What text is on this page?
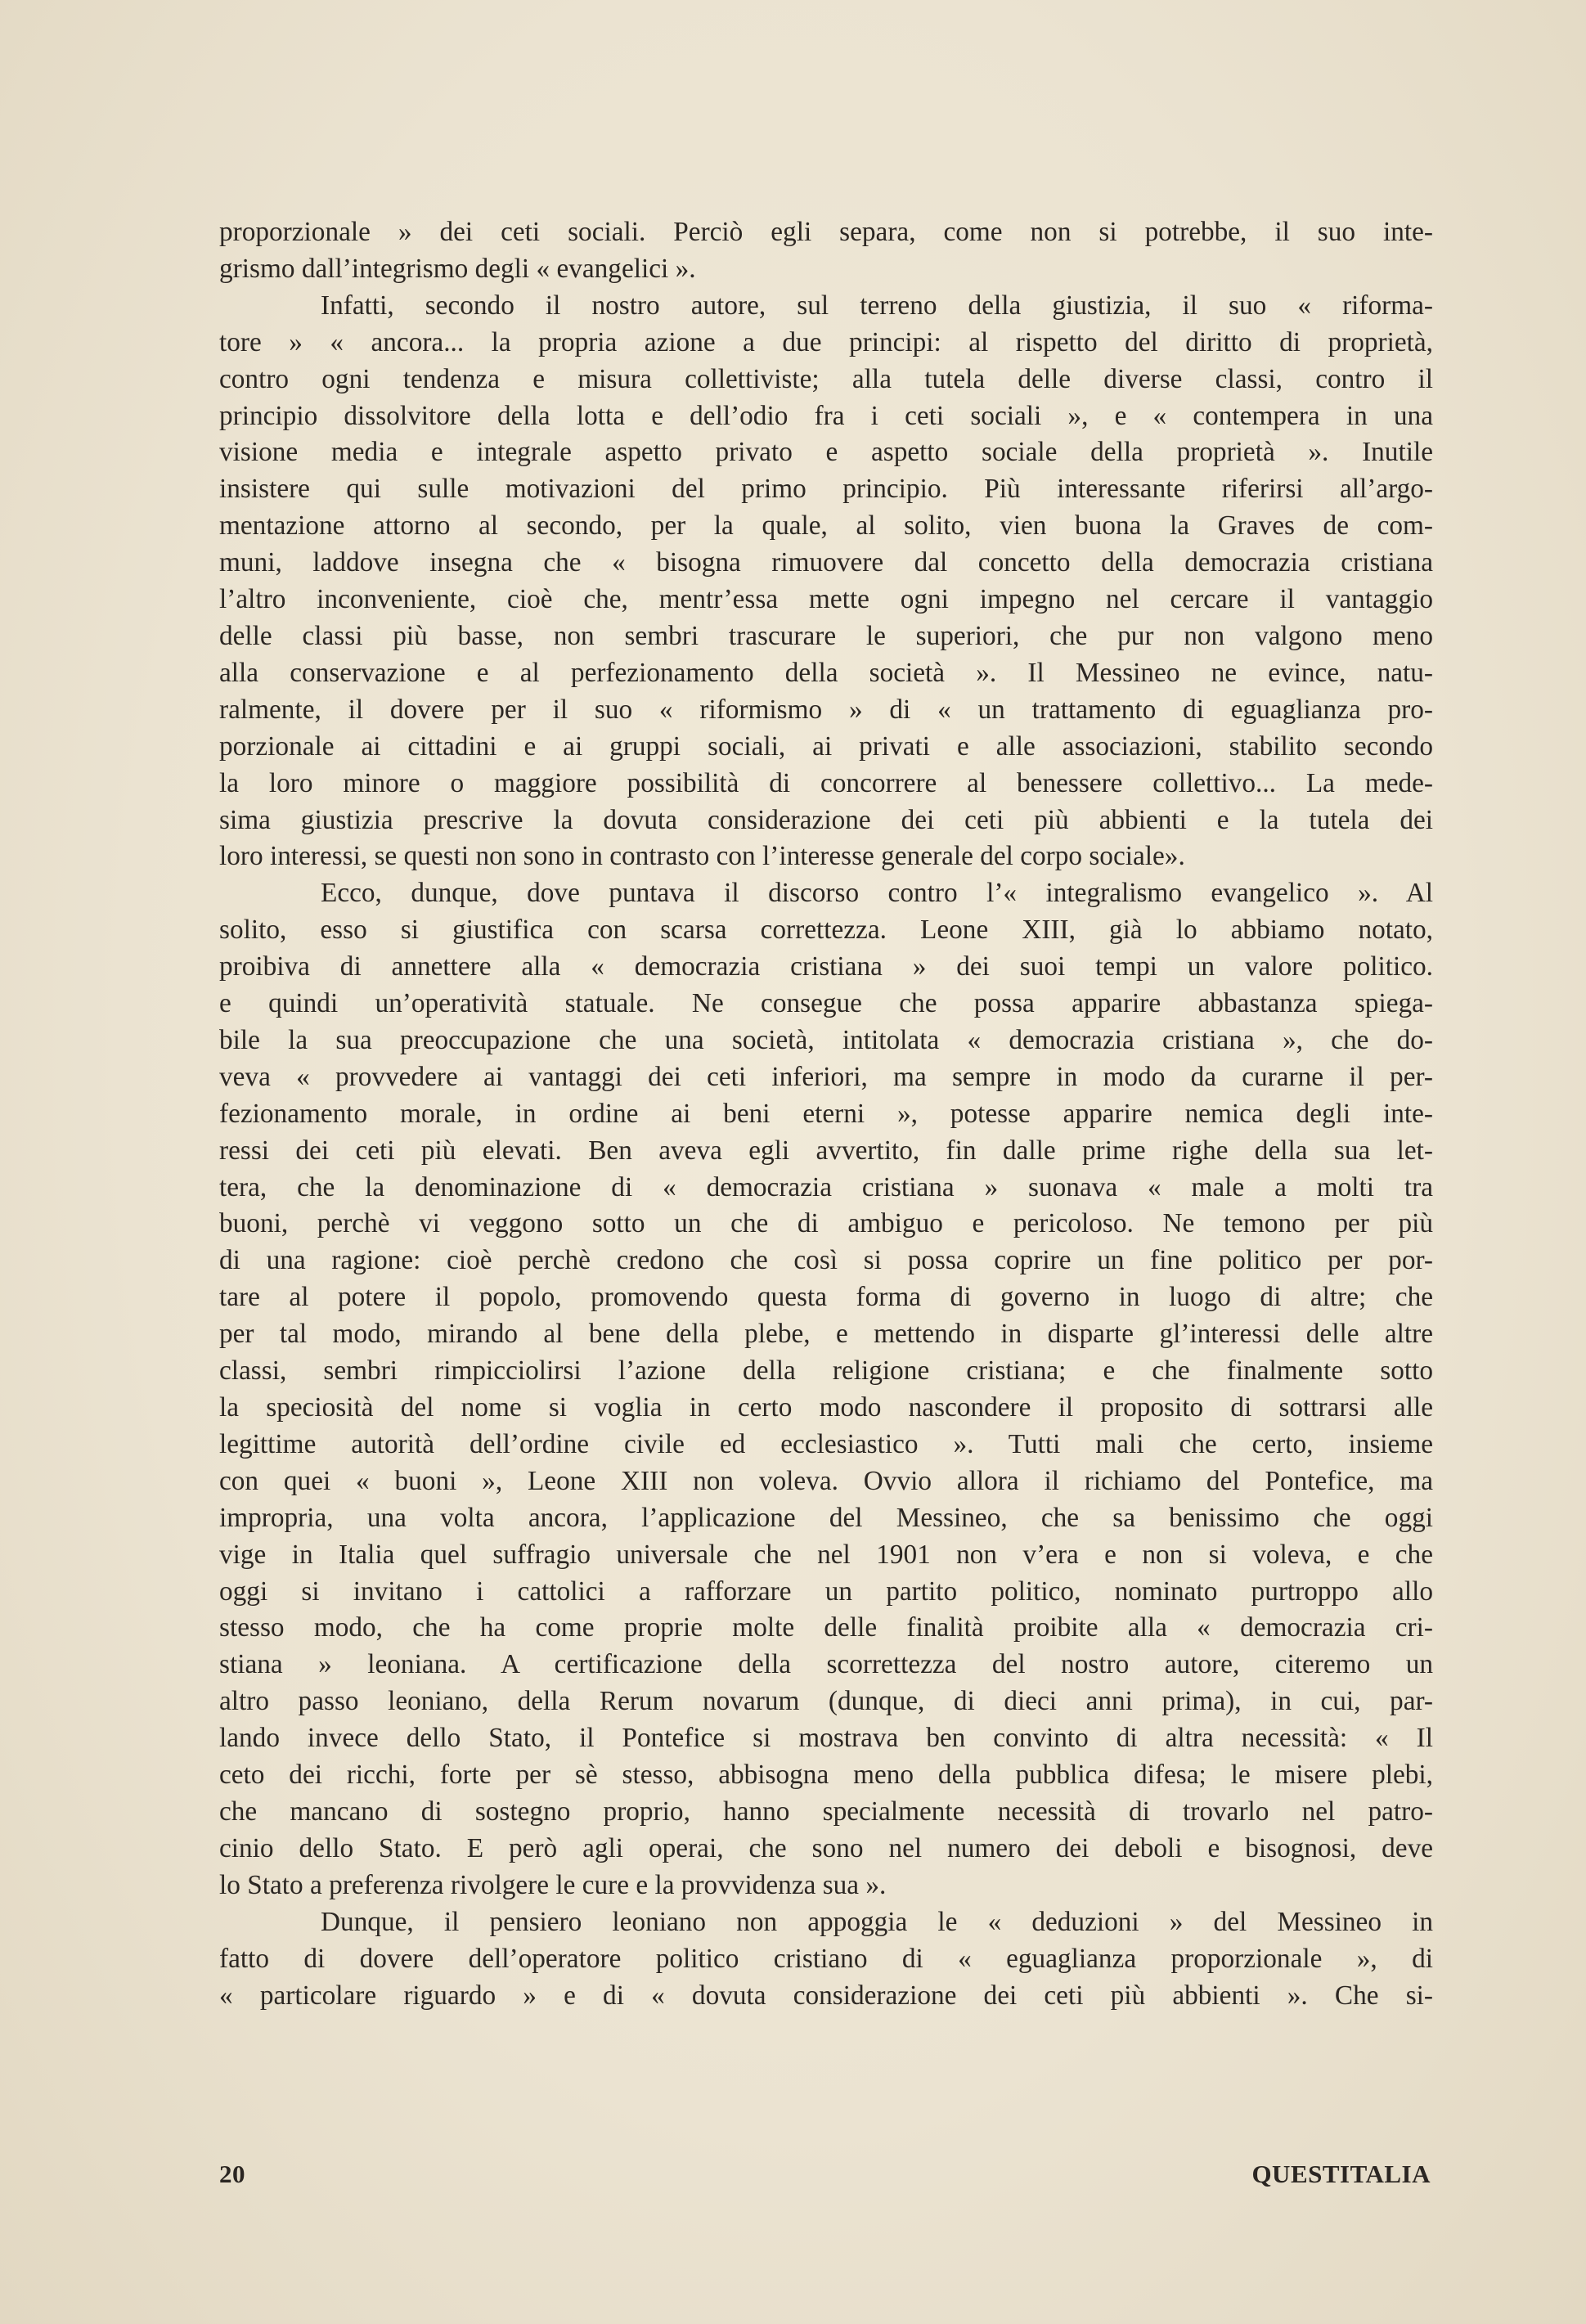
proporzionale » dei ceti sociali. Perciò egli separa, come non si potrebbe, il suo inte-
grismo dall’integrismo degli « evangelici ».
Infatti, secondo il nostro autore, sul terreno della giustizia, il suo « riforma-
tore » « ancora... la propria azione a due principi: al rispetto del diritto di proprietà,
contro ogni tendenza e misura collettiviste; alla tutela delle diverse classi, contro il
principio dissolvitore della lotta e dell’odio fra i ceti sociali », e « contempera in una
visione media e integrale aspetto privato e aspetto sociale della proprietà ». Inutile
insistere qui sulle motivazioni del primo principio. Più interessante riferirsi all’argo-
mentazione attorno al secondo, per la quale, al solito, vien buona la Graves de com-
muni, laddove insegna che « bisogna rimuovere dal concetto della democrazia cristiana
l’altro inconveniente, cioè che, mentr’essa mette ogni impegno nel cercare il vantaggio
delle classi più basse, non sembri trascurare le superiori, che pur non valgono meno
alla conservazione e al perfezionamento della società ». Il Messineo ne evince, natu-
ralmente, il dovere per il suo « riformismo » di « un trattamento di eguaglianza pro-
porzionale ai cittadini e ai gruppi sociali, ai privati e alle associazioni, stabilito secondo
la loro minore o maggiore possibilità di concorrere al benessere collettivo... La mede-
sima giustizia prescrive la dovuta considerazione dei ceti più abbienti e la tutela dei
loro interessi, se questi non sono in contrasto con l’interesse generale del corpo sociale».
Ecco, dunque, dove puntava il discorso contro l’« integralismo evangelico ». Al
solito, esso si giustifica con scarsa correttezza. Leone XIII, già lo abbiamo notato,
proibiva di annettere alla « democrazia cristiana » dei suoi tempi un valore politico.
e quindi un’operatività statuale. Ne consegue che possa apparire abbastanza spiega-
bile la sua preoccupazione che una società, intitolata « democrazia cristiana », che do-
veva « provvedere ai vantaggi dei ceti inferiori, ma sempre in modo da curarne il per-
fezionamento morale, in ordine ai beni eterni », potesse apparire nemica degli inte-
ressi dei ceti più elevati. Ben aveva egli avvertito, fin dalle prime righe della sua let-
tera, che la denominazione di « democrazia cristiana » suonava « male a molti tra
buoni, perchè vi veggono sotto un che di ambiguo e pericoloso. Ne temono per più
di una ragione: cioè perchè credono che così si possa coprire un fine politico per por-
tare al potere il popolo, promovendo questa forma di governo in luogo di altre; che
per tal modo, mirando al bene della plebe, e mettendo in disparte gl’interessi delle altre
classi, sembri rimpicciolirsi l’azione della religione cristiana; e che finalmente sotto
la speciosità del nome si voglia in certo modo nascondere il proposito di sottrarsi alle
legittime autorità dell’ordine civile ed ecclesiastico ». Tutti mali che certo, insieme
con quei « buoni », Leone XIII non voleva. Ovvio allora il richiamo del Pontefice, ma
impropria, una volta ancora, l’applicazione del Messineo, che sa benissimo che oggi
vige in Italia quel suffragio universale che nel 1901 non v’era e non si voleva, e che
oggi si invitano i cattolici a rafforzare un partito politico, nominato purtroppo allo
stesso modo, che ha come proprie molte delle finalità proibite alla « democrazia cri-
stiana » leoniana. A certificazione della scorrettezza del nostro autore, citeremo un
altro passo leoniano, della Rerum novarum (dunque, di dieci anni prima), in cui, par-
lando invece dello Stato, il Pontefice si mostrava ben convinto di altra necessità: « Il
ceto dei ricchi, forte per sè stesso, abbisogna meno della pubblica difesa; le misere plebi,
che mancano di sostegno proprio, hanno specialmente necessità di trovarlo nel patro-
cinio dello Stato. E però agli operai, che sono nel numero dei deboli e bisognosi, deve
lo Stato a preferenza rivolgere le cure e la provvidenza sua ».
Dunque, il pensiero leoniano non appoggia le « deduzioni » del Messineo in
fatto di dovere dell’operatore politico cristiano di « eguaglianza proporzionale », di
« particolare riguardo » e di « dovuta considerazione dei ceti più abbienti ». Che si-
20	QUESTITALIA
